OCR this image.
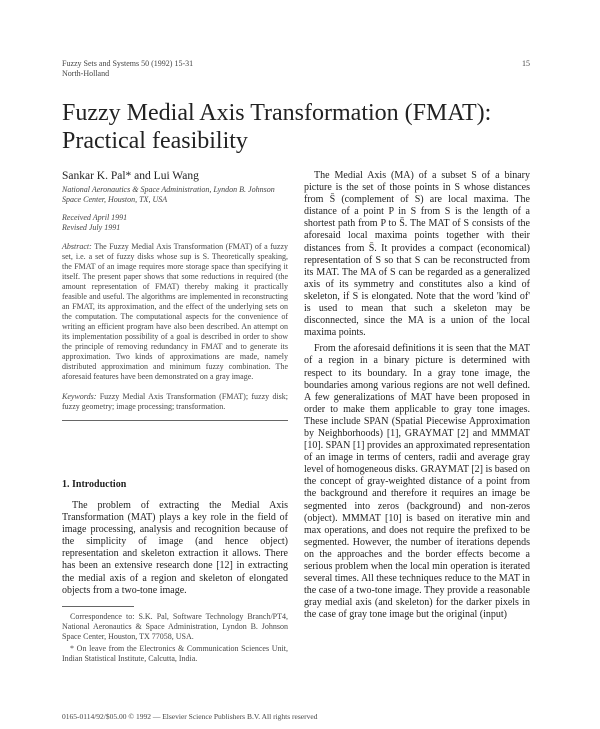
Fuzzy Sets and Systems 50 (1992) 15-31
North-Holland
15
Fuzzy Medial Axis Transformation (FMAT): Practical feasibility

Sankar K. Pal* and Lui Wang

National Aeronautics & Space Administration, Lyndon B. Johnson Space Center, Houston, TX, USA

Received April 1991
Revised July 1991

Abstract: The Fuzzy Medial Axis Transformation (FMAT) of a fuzzy set, i.e. a set of fuzzy disks whose sup is S. Theoretically speaking, the FMAT of an image requires more storage space than specifying it itself. The present paper shows that some reductions in required (the amount representation of FMAT) thereby making it practically feasible and useful. The algorithms are implemented in reconstructing an FMAT, its approximation, and the effect of the underlying sets on the computation. The computational aspects for the convenience of writing an efficient program have also been described. An attempt on its implementation possibility of a goal is described in order to show the principle of removing redundancy in FMAT and to generate its approximation. Two kinds of approximations are made, namely distributed approximation and minimum fuzzy combination. The aforesaid features have been demonstrated on a gray image.

Keywords: Fuzzy Medial Axis Transformation (FMAT); fuzzy disk; fuzzy geometry; image processing; transformation.

1. Introduction

The problem of extracting the Medial Axis Transformation (MAT) plays a key role in the field of image processing, analysis and recognition because of the simplicity of image (and hence object) representation and skeleton extraction it allows. There has been an extensive research done [12] in extracting the medial axis of a region and skeleton of elongated objects from a two-tone image.

Correspondence to: S.K. Pal, Software Technology Branch/PT4, National Aeronautics & Space Administration, Lyndon B. Johnson Space Center, Houston, TX 77058, USA.

* On leave from the Electronics & Communication Sciences Unit, Indian Statistical Institute, Calcutta, India.

The Medial Axis (MA) of a subset S of a binary picture is the set of those points in S whose distances from S̄ (complement of S) are local maxima. The distance of a point P in S from S is the length of a shortest path from P to S̄. The MAT of S consists of the aforesaid local maxima points together with their distances from S̄. It provides a compact (economical) representation of S so that S can be reconstructed from its MAT. The MA of S can be regarded as a generalized axis of its symmetry and constitutes also a kind of skeleton, if S is elongated. Note that the word 'kind of' is used to mean that such a skeleton may be disconnected, since the MA is a union of the local maxima points.

From the aforesaid definitions it is seen that the MAT of a region in a binary picture is determined with respect to its boundary. In a gray tone image, the boundaries among various regions are not well defined. A few generalizations of MAT have been proposed in order to make them applicable to gray tone images. These include SPAN (Spatial Piecewise Approximation by Neighborhoods) [1], GRAYMAT [2] and MMMAT [10]. SPAN [1] provides an approximated representation of an image in terms of centers, radii and average gray level of homogeneous disks. GRAYMAT [2] is based on the concept of gray-weighted distance of a point from the background and therefore it requires an image be segmented into zeros (background) and non-zeros (object). MMMAT [10] is based on iterative min and max operations, and does not require the prefixed to be segmented. However, the number of iterations depends on the approaches and the border effects become a serious problem when the local min operation is iterated several times. All these techniques reduce to the MAT in the case of a two-tone image. They provide a reasonable gray medial axis (and skeleton) for the darker pixels in the case of gray tone image but the original (input)

0165-0114/92/$05.00 © 1992 — Elsevier Science Publishers B.V. All rights reserved
